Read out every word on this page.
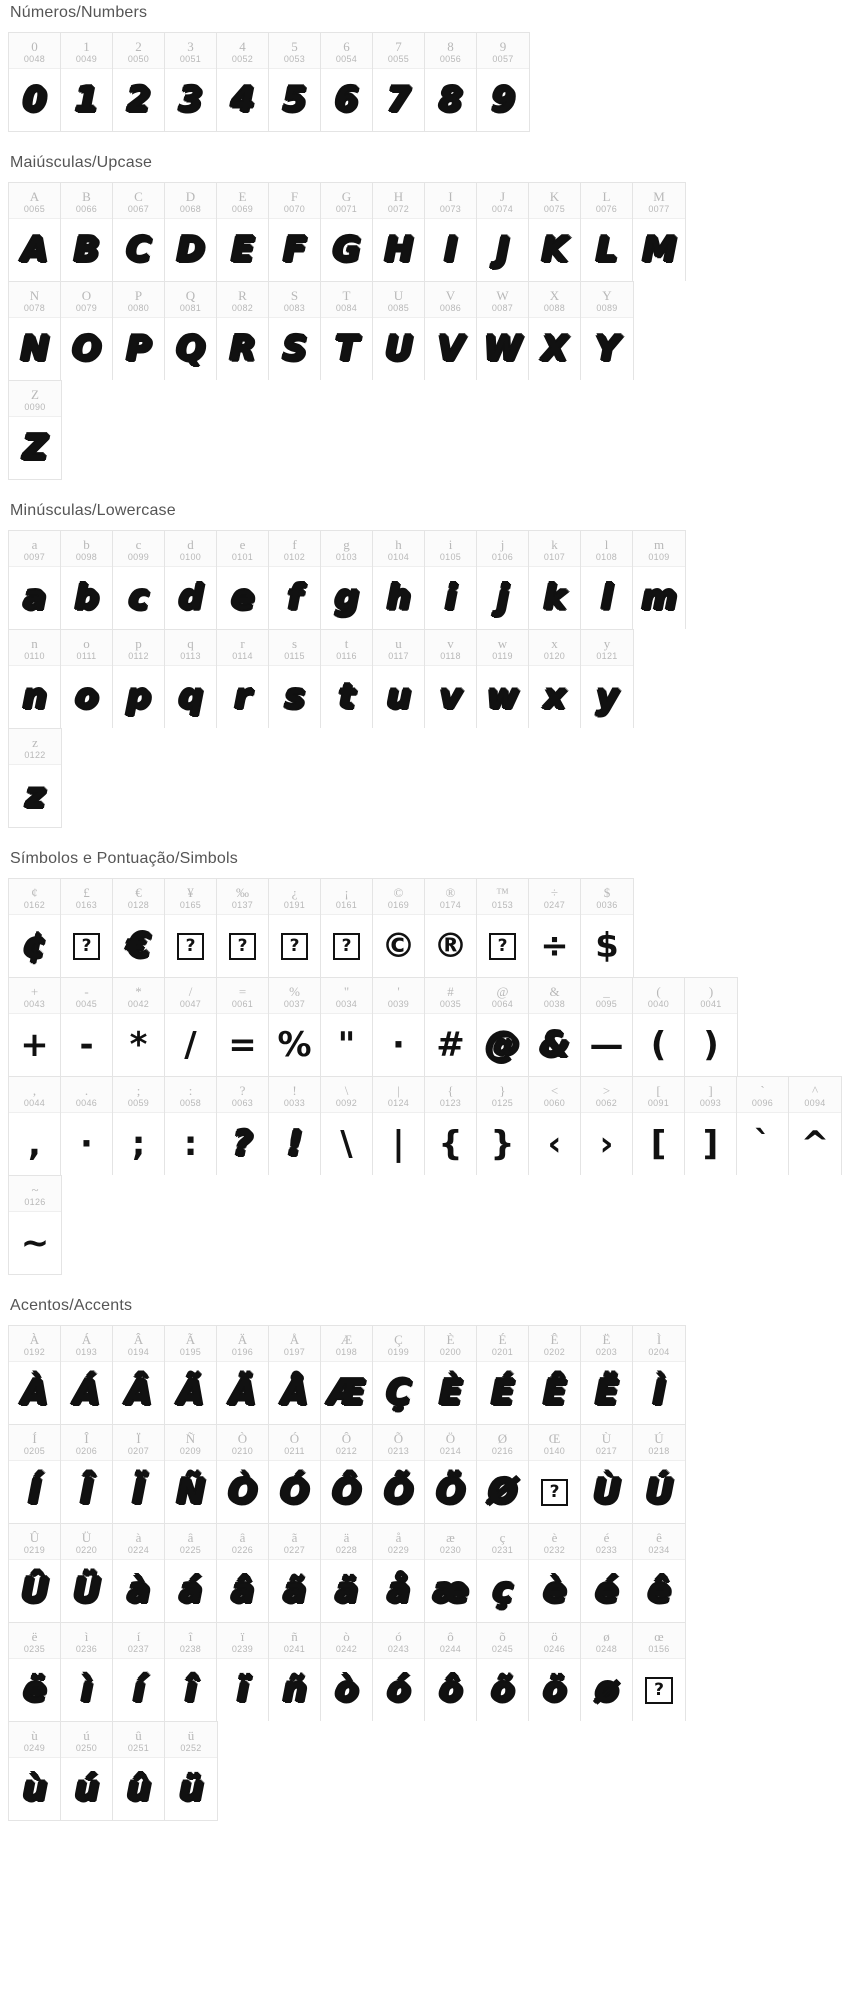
Números/Numbers
0
0048
0
1
0049
1
2
0050
2
3
0051
3
4
0052
4
5
0053
5
6
0054
6
7
0055
7
8
0056
8
9
0057
9
Maiúsculas/Upcase
A
0065
A
B
0066
B
C
0067
C
D
0068
D
E
0069
E
F
0070
F
G
0071
G
H
0072
H
I
0073
I
J
0074
J
K
0075
K
L
0076
L
M
0077
M
N
0078
N
O
0079
O
P
0080
P
Q
0081
Q
R
0082
R
S
0083
S
T
0084
T
U
0085
U
V
0086
V
W
0087
W
X
0088
X
Y
0089
Y
Z
0090
Z
Minúsculas/Lowercase
a
0097
a
b
0098
b
c
0099
c
d
0100
d
e
0101
e
f
0102
f
g
0103
g
h
0104
h
i
0105
i
j
0106
j
k
0107
k
l
0108
l
m
0109
m
n
0110
n
o
0111
o
p
0112
p
q
0113
q
r
0114
r
s
0115
s
t
0116
t
u
0117
u
v
0118
v
w
0119
w
x
0120
x
y
0121
y
z
0122
z
Símbolos e Pontuação/Simbols
¢
0162
¢
£
0163
?
€
0128
€
¥
0165
?
‰
0137
?
¿
0191
?
¡
0161
?
©
0169
©
®
0174
®
™
0153
?
÷
0247
÷
$
0036
$
+
0043
+
-
0045
-
*
0042
*
/
0047
/
=
0061
=
%
0037
%
"
0034
"
'
0039
·
#
0035
#
@
0064
@
&
0038
&
_
0095
—
(
0040
(
)
0041
)
,
0044
,
.
0046
·
;
0059
;
:
0058
:
?
0063
?
!
0033
!
\
0092
\
|
0124
|
{
0123
{
}
0125
}
<
0060
‹
>
0062
›
[
0091
[
]
0093
]
`
0096
ˋ
^
0094
^
~
0126
~
Acentos/Accents
À
0192
À
Á
0193
Á
Â
0194
Â
Ã
0195
Ã
Ä
0196
Ä
Å
0197
Å
Æ
0198
Æ
Ç
0199
Ç
È
0200
È
É
0201
É
Ê
0202
Ê
Ë
0203
Ë
Ì
0204
Ì
Í
0205
Í
Î
0206
Î
Ï
0207
Ï
Ñ
0209
Ñ
Ò
0210
Ò
Ó
0211
Ó
Ô
0212
Ô
Õ
0213
Õ
Ö
0214
Ö
Ø
0216
Ø
Œ
0140
?
Ù
0217
Ù
Ú
0218
Ú
Û
0219
Û
Ü
0220
Ü
à
0224
à
â
0225
á
â
0226
â
ã
0227
ã
ä
0228
ä
å
0229
å
æ
0230
æ
ç
0231
ç
è
0232
è
é
0233
é
ê
0234
ê
ë
0235
ë
ì
0236
ì
í
0237
í
î
0238
î
ï
0239
ï
ñ
0241
ñ
ò
0242
ò
ó
0243
ó
ô
0244
ô
õ
0245
õ
ö
0246
ö
ø
0248
ø
œ
0156
?
ù
0249
ù
ú
0250
ú
û
0251
û
ü
0252
ü
